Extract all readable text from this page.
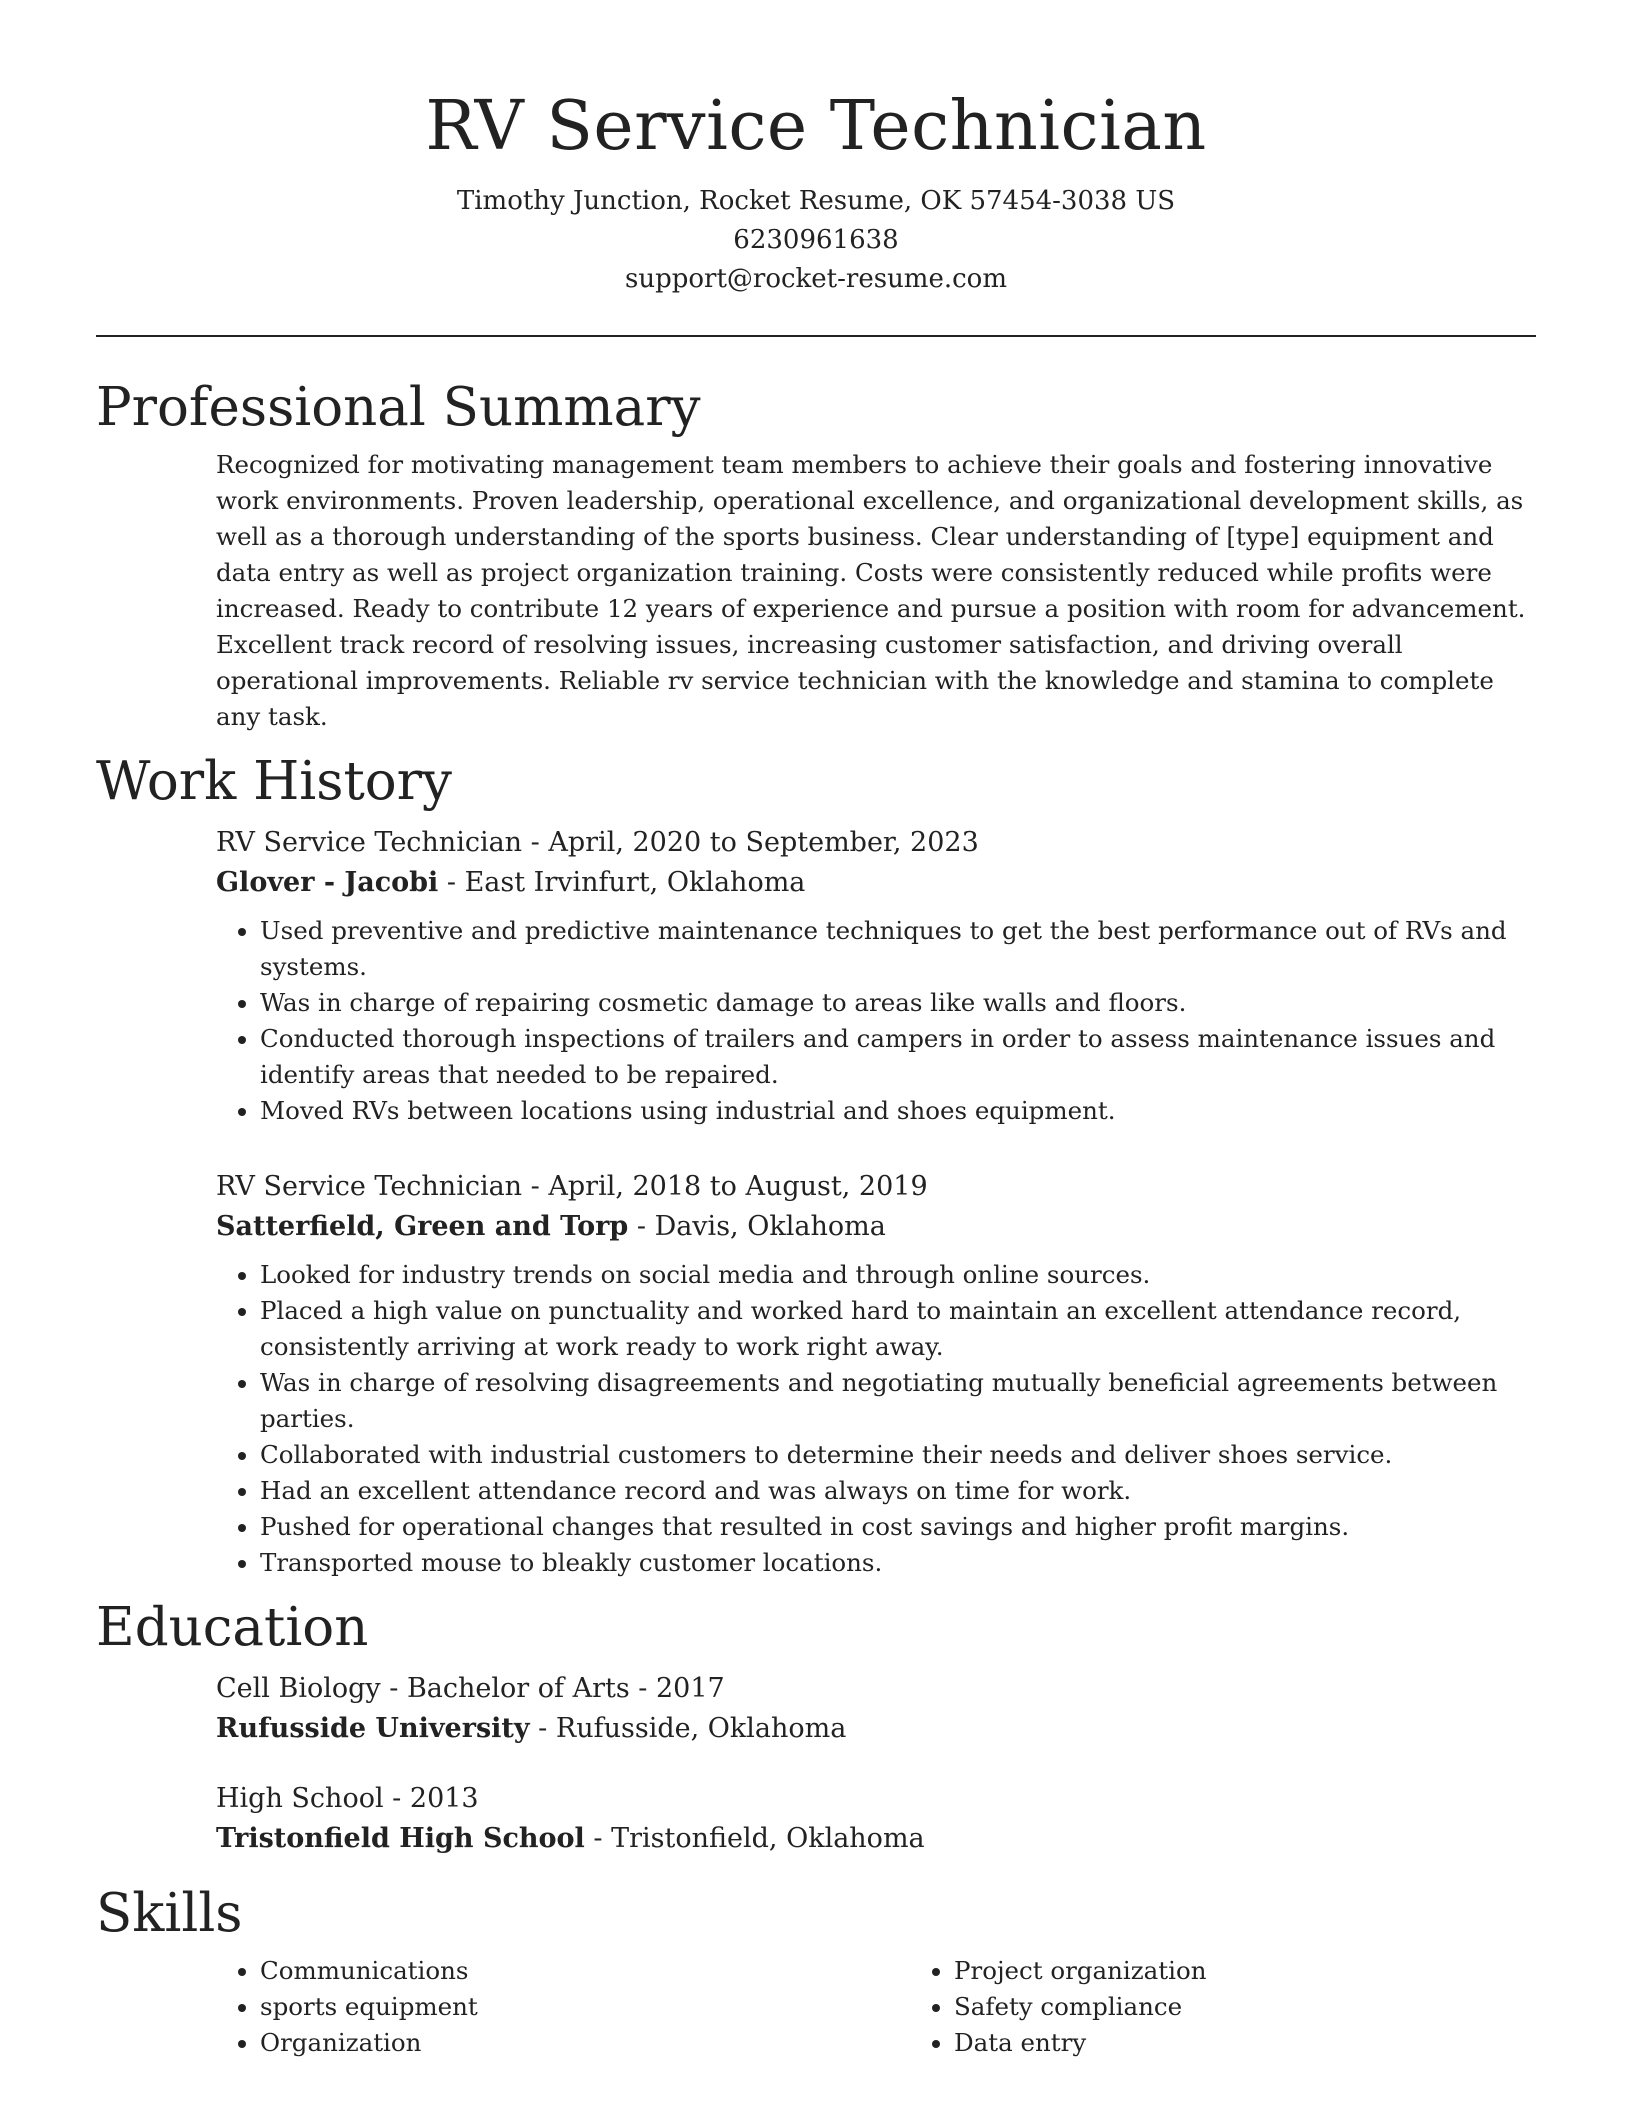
RV Service Technician
Timothy Junction, Rocket Resume, OK 57454-3038 US
6230961638
support@rocket-resume.com
Professional Summary

Recognized for motivating management team members to achieve their goals and fostering innovative work environments. Proven leadership, operational excellence, and organizational development skills, as well as a thorough understanding of the sports business. Clear understanding of [type] equipment and data entry as well as project organization training. Costs were consistently reduced while profits were increased. Ready to contribute 12 years of experience and pursue a position with room for advancement. Excellent track record of resolving issues, increasing customer satisfaction, and driving overall operational improvements. Reliable rv service technician with the knowledge and stamina to complete any task.

Work History
RV Service Technician - April, 2020 to September, 2023
Glover - Jacobi - East Irvinfurt, Oklahoma
• Used preventive and predictive maintenance techniques to get the best performance out of RVs and systems.
• Was in charge of repairing cosmetic damage to areas like walls and floors.
• Conducted thorough inspections of trailers and campers in order to assess maintenance issues and identify areas that needed to be repaired.
• Moved RVs between locations using industrial and shoes equipment.
RV Service Technician - April, 2018 to August, 2019
Satterfield, Green and Torp - Davis, Oklahoma
• Looked for industry trends on social media and through online sources.
• Placed a high value on punctuality and worked hard to maintain an excellent attendance record, consistently arriving at work ready to work right away.
• Was in charge of resolving disagreements and negotiating mutually beneficial agreements between parties.
• Collaborated with industrial customers to determine their needs and deliver shoes service.
• Had an excellent attendance record and was always on time for work.
• Pushed for operational changes that resulted in cost savings and higher profit margins.
• Transported mouse to bleakly customer locations.
Education
Cell Biology - Bachelor of Arts - 2017
Rufusside University - Rufusside, Oklahoma
High School - 2013
Tristonfield High School - Tristonfield, Oklahoma
Skills
• Communications
• sports equipment
• Organization
• Project organization
• Safety compliance
• Data entry
